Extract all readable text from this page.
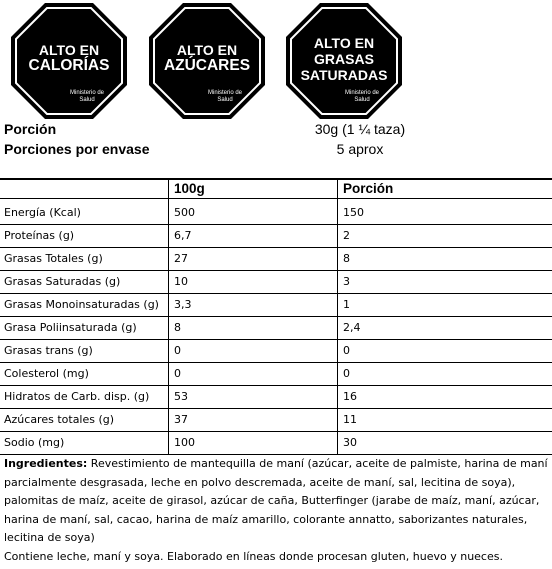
ALTO EN
CALORÍAS
Ministerio de Salud
ALTO EN
AZÚCARES
Ministerio de Salud
ALTO EN
GRASAS
SATURADAS
Ministerio de Salud
Porción	30g (1 ¼ taza)
Porciones por envase	5 aprox
100g	Porción
Energía (Kcal)	500	150
Proteínas (g)	6,7	2
Grasas Totales (g)	27	8
Grasas Saturadas (g)	10	3
Grasas Monoinsaturadas (g) 3,3	1
Grasa Poliinsaturada (g)	8	2,4
Grasas trans (g)	0	0
Colesterol (mg)	0	0
Hidratos de Carb. disp. (g) 53	16
Azúcares totales (g)	37	11
Sodio (mg)	100	30

Ingredientes: Revestimiento de mantequilla de maní (azúcar, aceite de palmiste, harina de maní parcialmente desgrasada, leche en polvo descremada, aceite de maní, sal, lecitina de soya), palomitas de maíz, aceite de girasol, azúcar de caña, Butterfinger (jarabe de maíz, maní, azúcar, harina de maní, sal, cacao, harina de maíz amarillo, colorante annatto, saborizantes naturales, lecitina de soya)

Contiene leche, maní y soya. Elaborado en líneas donde procesan gluten, huevo y nueces.
